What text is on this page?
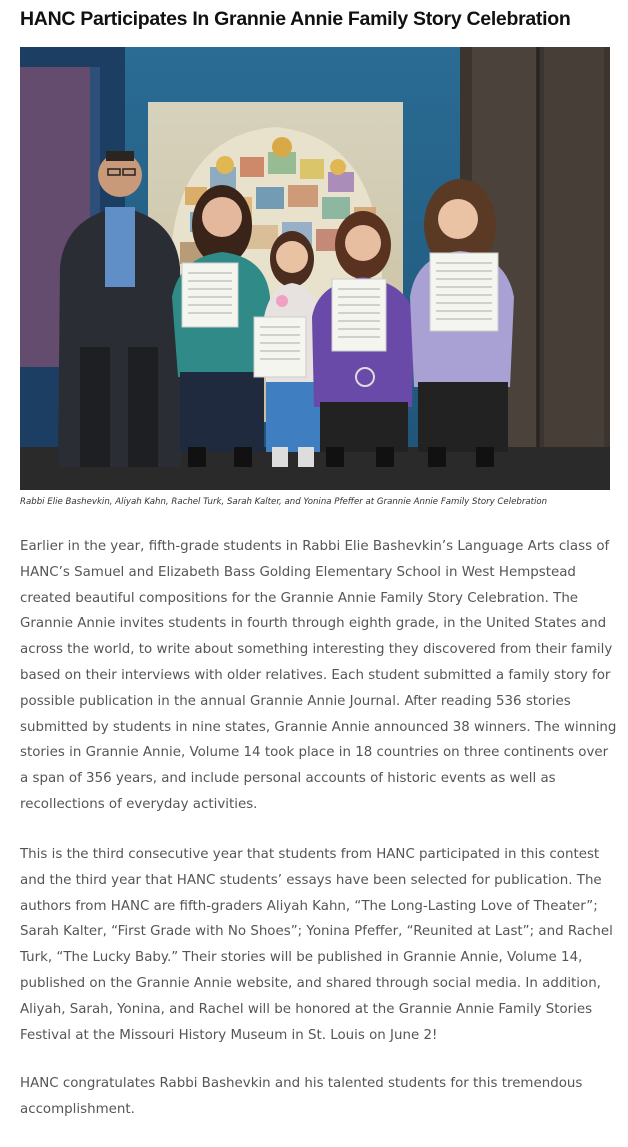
HANC Participates In Grannie Annie Family Story Celebration
Rabbi Elie Bashevkin, Aliyah Kahn, Rachel Turk, Sarah Kalter, and Yonina Pfeffer at Grannie Annie Family Story Celebration

Earlier in the year, fifth-grade students in Rabbi Elie Bashevkin’s Language Arts class of HANC’s Samuel and Elizabeth Bass Golding Elementary School in West Hempstead created beautiful compositions for the Grannie Annie Family Story Celebration. The Grannie Annie invites students in fourth through eighth grade, in the United States and across the world, to write about something interesting they discovered from their family based on their interviews with older relatives. Each student submitted a family story for possible publication in the annual Grannie Annie Journal. After reading 536 stories submitted by students in nine states, Grannie Annie announced 38 winners. The winning stories in Grannie Annie, Volume 14 took place in 18 countries on three continents over a span of 356 years, and include personal accounts of historic events as well as recollections of everyday activities.

This is the third consecutive year that students from HANC participated in this contest and the third year that HANC students’ essays have been selected for publication. The authors from HANC are fifth-graders Aliyah Kahn, “The Long-Lasting Love of Theater”; Sarah Kalter, “First Grade with No Shoes”; Yonina Pfeffer, “Reunited at Last”; and Rachel Turk, “The Lucky Baby.” Their stories will be published in Grannie Annie, Volume 14, published on the Grannie Annie website, and shared through social media. In addition, Aliyah, Sarah, Yonina, and Rachel will be honored at the Grannie Annie Family Stories Festival at the Missouri History Museum in St. Louis on June 2!

HANC congratulates Rabbi Bashevkin and his talented students for this tremendous accomplishment.
